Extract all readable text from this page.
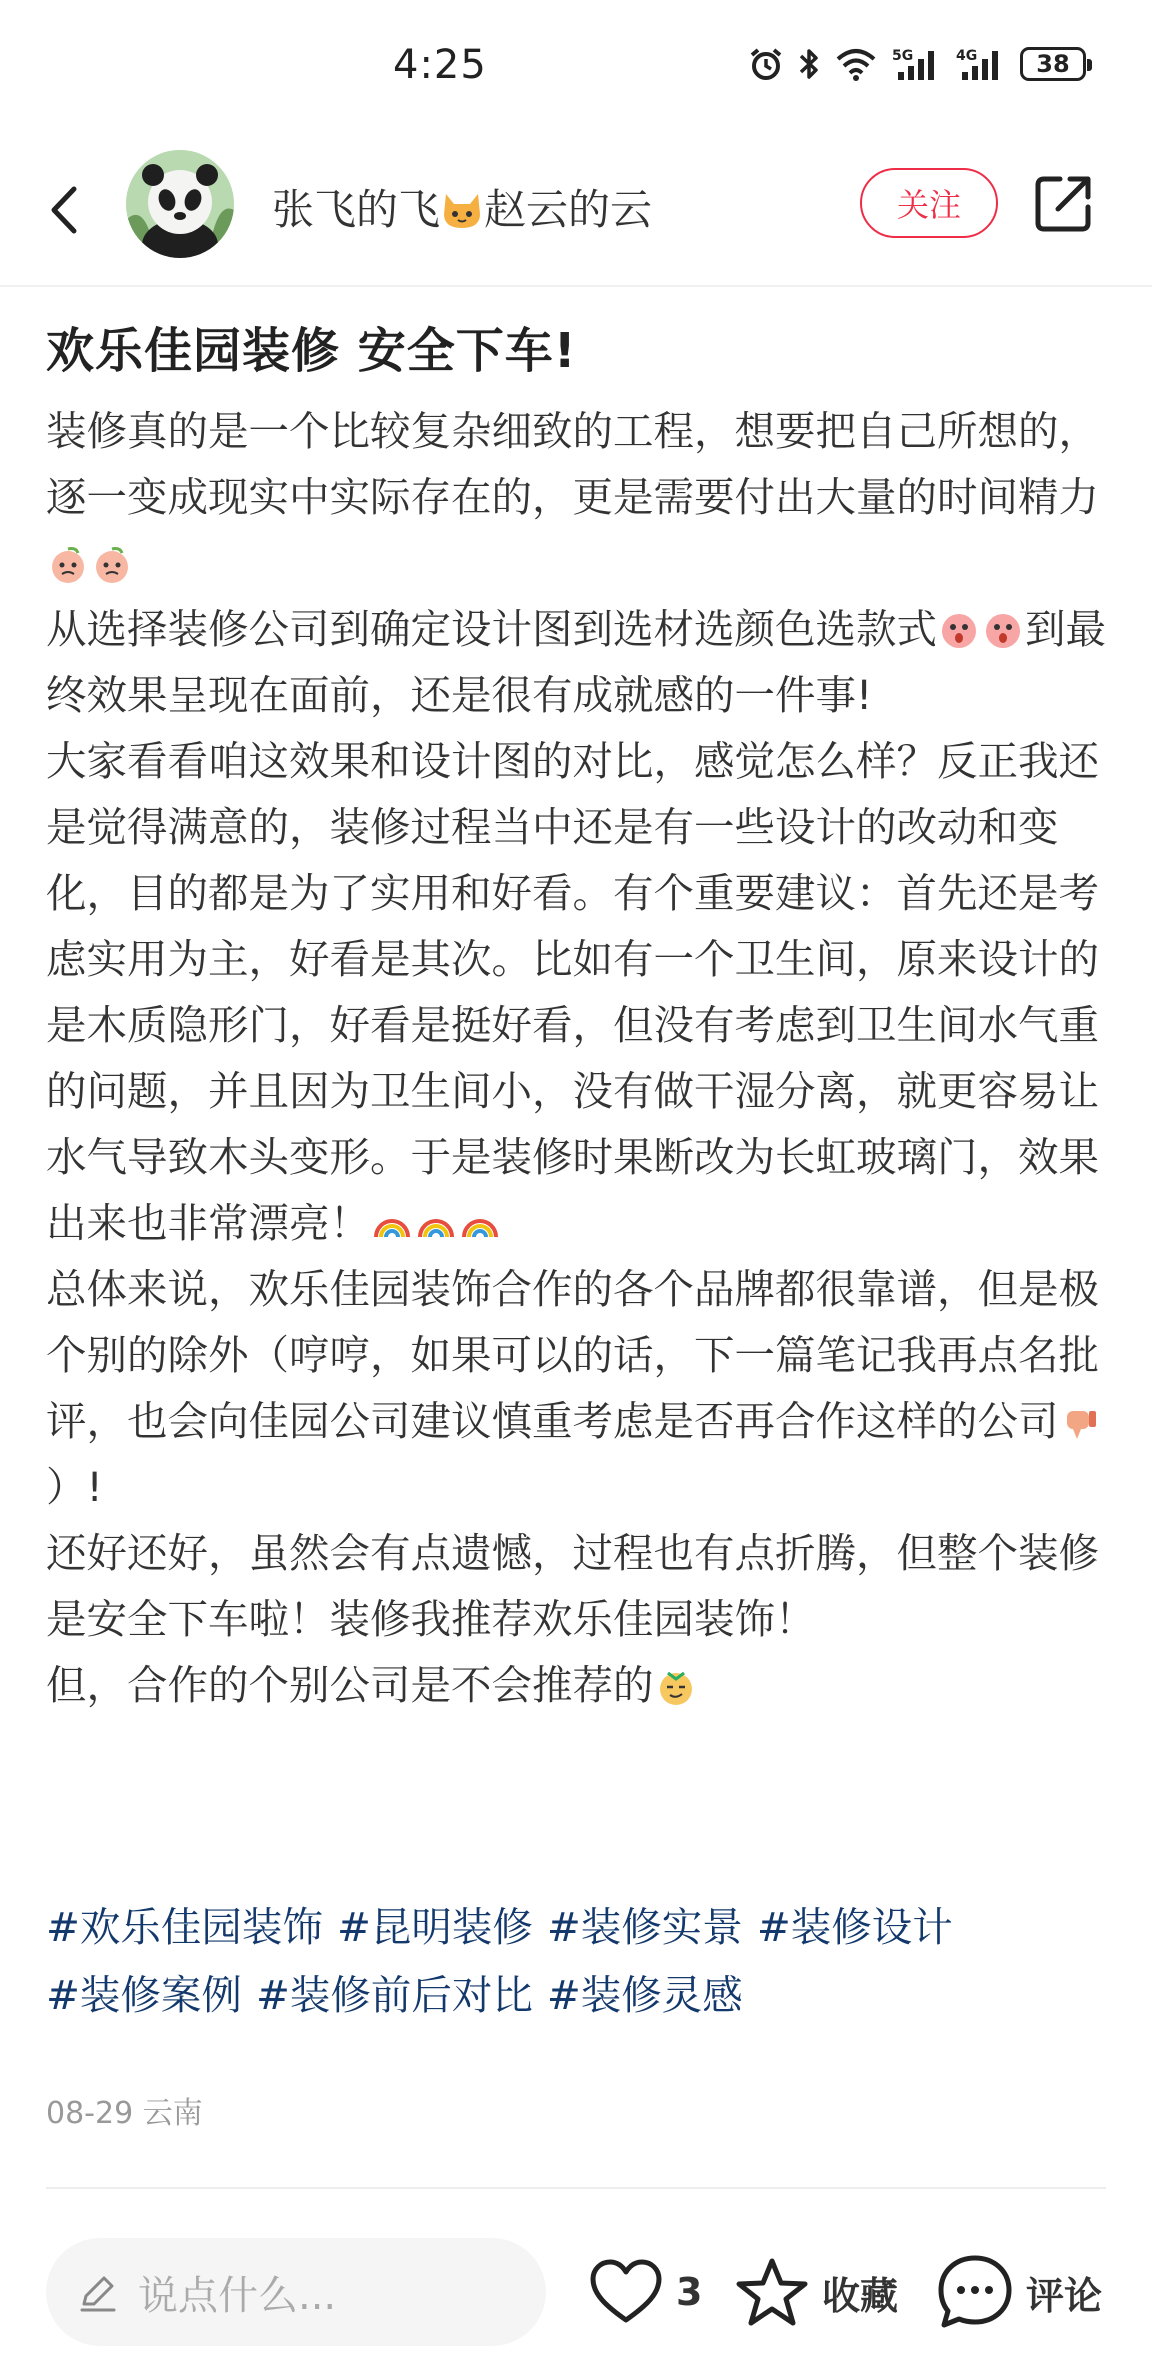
4:25	5G	4G 38
张飞的飞 赵云的云	关注
欢乐佳园装修 安全下车!

装修真的是一个比较复杂细致的工程，想要把自己所想的，逐一变成现实中实际存在的，更是需要付出大量的时间精力

从选择装修公司到确定设计图到选材选颜色选款式 到最终效果呈现在面前，还是很有成就感的一件事!

大家看看咱这效果和设计图的对比，感觉怎么样？反正我还是觉得满意的，装修过程当中还是有一些设计的改动和变化，目的都是为了实用和好看。有个重要建议：首先还是考虑实用为主，好看是其次。比如有一个卫生间，原来设计的是木质隐形门，好看是挺好看，但没有考虑到卫生间水气重的问题，并且因为卫生间小，没有做干湿分离，就更容易让水气导致木头变形。于是装修时果断改为长虹玻璃门，效果出来也非常漂亮！

总体来说，欢乐佳园装饰合作的各个品牌都很靠谱，但是极个别的除外（哼哼，如果可以的话，下一篇笔记我再点名批评，也会向佳园公司建议慎重考虑是否再合作这样的公司）!

还好还好，虽然会有点遗憾，过程也有点折腾，但整个装修是安全下车啦！装修我推荐欢乐佳园装饰！

但，合作的个别公司是不会推荐的

#欢乐佳园装饰 #昆明装修 #装修实景 #装修设计 #装修案例 #装修前后对比 #装修灵感
08-29 云南
说点什么...	3	收藏	评论
